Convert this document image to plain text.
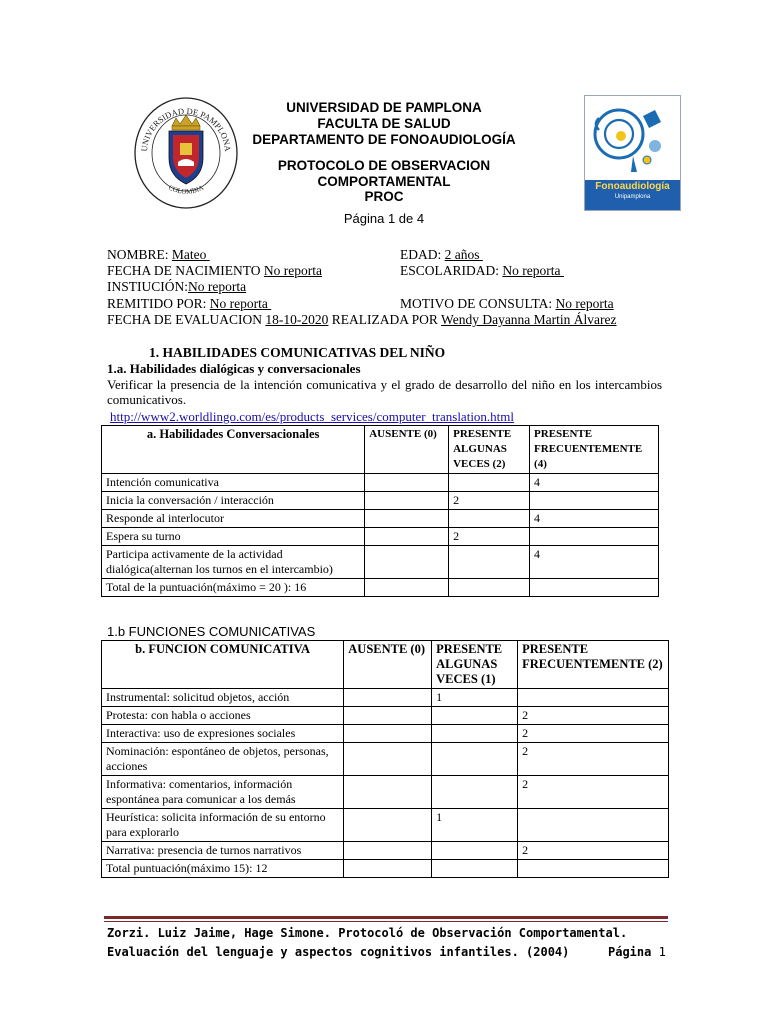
UNIVERSIDAD DE PAMPLONA
COLOMBIA	Fonoaudiología
Unipamplona
UNIVERSIDAD DE PAMPLONA
FACULTA DE SALUD
DEPARTAMENTO DE FONOAUDIOLOGÍA
PROTOCOLO DE OBSERVACION
COMPORTAMENTAL
PROC
Página 1 de 4
NOMBRE: Mateo	EDAD: 2 años
FECHA DE NACIMIENTO No reporta	ESCOLARIDAD: No reporta
INSTIUCIÓN:No reporta
REMITIDO POR: No reporta	MOTIVO DE CONSULTA: No reporta
FECHA DE EVALUACION 18-10-2020 REALIZADA POR Wendy Dayanna Martin Álvarez
1. HABILIDADES COMUNICATIVAS DEL NIÑO
1.a. Habilidades dialógicas y conversacionales
Verificar la presencia de la intención comunicativa y el grado de desarrollo del niño en los intercambios comunicativos.
http://www2.worldlingo.com/es/products_services/computer_translation.html
a. Habilidades Conversacionales	AUSENTE (0)	PRESENTE ALGUNAS VECES (2)	PRESENTE FRECUENTEMENTE (4)
Intención comunicativa			4
Inicia la conversación / interacción		2	
Responde al interlocutor			4
Espera su turno		2	
Participa activamente de la actividad dialógica(alternan los turnos en el intercambio)			4
Total de la puntuación(máximo = 20 ): 16			
1.b FUNCIONES COMUNICATIVAS
b. FUNCION COMUNICATIVA	AUSENTE (0)	PRESENTE ALGUNAS VECES (1)	PRESENTE FRECUENTEMENTE (2)
Instrumental: solicitud objetos, acción		1	
Protesta: con habla o acciones			2
Interactiva: uso de expresiones sociales			2
Nominación: espontáneo de objetos, personas, acciones			2
Informativa: comentarios, información espontánea para comunicar a los demás			2
Heurística: solicita información de su entorno para explorarlo		1	
Narrativa: presencia de turnos narrativos			2
Total puntuación(máximo 15): 12			
Zorzi. Luiz Jaime, Hage Simone. Protocoló de Observación Comportamental.
Evaluación del lenguaje y aspectos cognitivos infantiles. (2004)	Página 1
